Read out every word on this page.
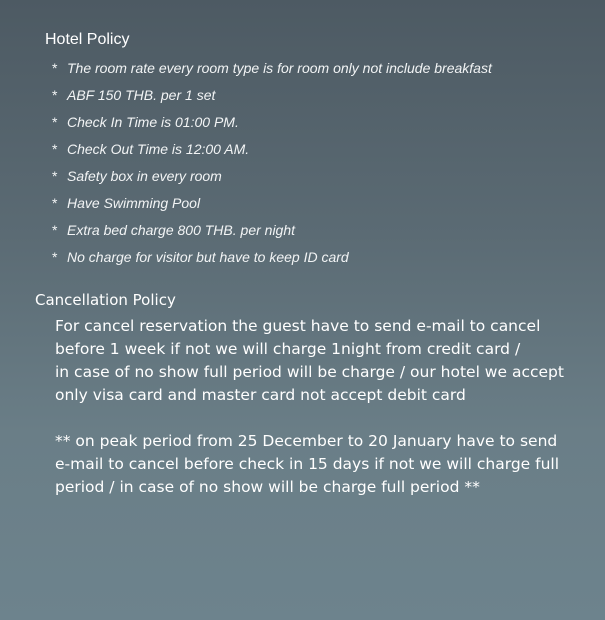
Hotel Policy
* The room rate every room type is for room only not include breakfast
* ABF 150 THB. per 1 set
* Check In Time is 01:00 PM.
* Check Out Time is 12:00 AM.
* Safety box in every room
* Have Swimming Pool
* Extra bed charge 800 THB. per night
* No charge for visitor but have to keep ID card
Cancellation Policy

For cancel reservation the guest have to send e-mail to cancel

before 1 week if not we will charge 1night from credit card /

in case of no show full period will be charge / our hotel we accept

only visa card and master card not accept debit card

** on peak period from 25 December to 20 January have to send

e-mail to cancel before check in 15 days if not we will charge full

period / in case of no show will be charge full period **
